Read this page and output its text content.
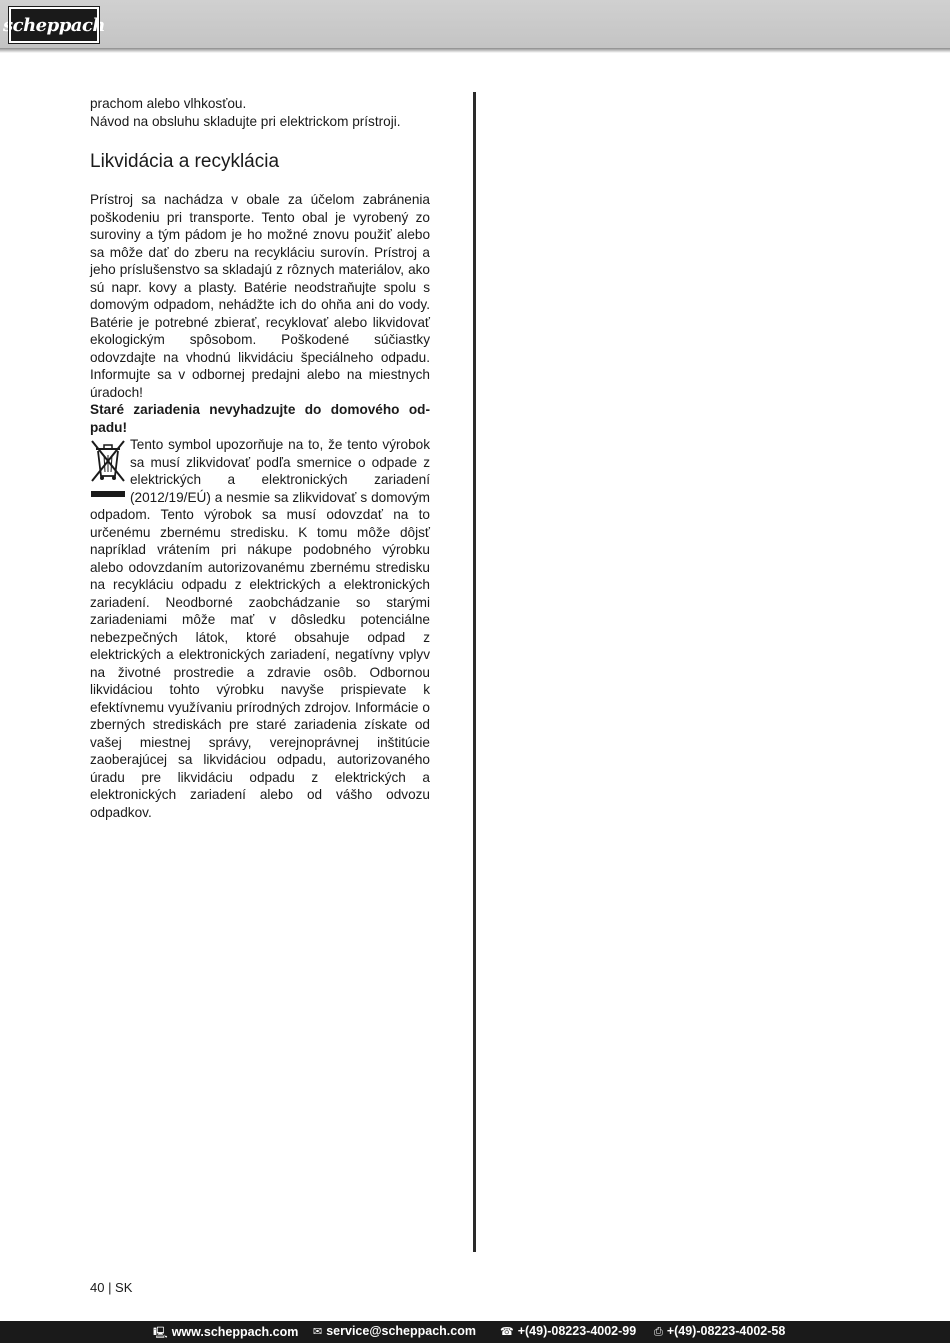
scheppach

prachom alebo vlhkosťou.

Návod na obsluhu skladujte pri elektrickom prístroji.

Likvidácia a recyklácia

Prístroj sa nachádza v obale za účelom zabránenia poškodeniu pri transporte. Tento obal je vyrobený zo suroviny a tým pádom je ho možné znovu použiť alebo sa môže dať do zberu na recykláciu surovín. Prístroj a jeho príslušenstvo sa skladajú z rôznych materiálov, ako sú napr. kovy a plasty. Batérie neodstraňujte spolu s domovým odpadom, nehádžte ich do ohňa ani do vody. Batérie je potrebné zbierať, recyklovať alebo likvidovať ekologickým spôsobom. Poškodené súčiastky odovzdajte na vhodnú likvidáciu špeciálneho odpadu. Informujte sa v odbornej predajni alebo na miestnych úradoch!

Staré zariadenia nevyhadzujte do domového odpadu!

Tento symbol upozorňuje na to, že tento výrobok sa musí zlikvidovať podľa smernice o odpade z elektrických a elektronických zariadení (2012/19/EÚ) a nesmie sa zlikvidovať s domovým odpadom. Tento výrobok sa musí odovzdať na to určenému zbernému stredisku. K tomu môže dôjsť napríklad vrátením pri nákupe podobného výrobku alebo odovzdaním autorizovanému zbernému stredisku na recykláciu odpadu z elektrických a elektronických zariadení. Neodborné zaobchádzanie so starými zariadeniami môže mať v dôsledku potenciálne nebezpečných látok, ktoré obsahuje odpad z elektrických a elektronických zariadení, negatívny vplyv na životné prostredie a zdravie osôb. Odbornou likvidáciou tohto výrobku navyše prispievate k efektívnemu využívaniu prírodných zdrojov. Informácie o zberných strediskách pre staré zariadenia získate od vašej miestnej správy, verejnoprávnej inštitúcie zaoberajúcej sa likvidáciou odpadu, autorizovaného úradu pre likvidáciu odpadu z elektrických a elektronických zariadení alebo od vášho odvozu odpadkov.

40 | SK
🖳 www.scheppach.com ✉ service@scheppach.com ☎ +(49)-08223-4002-99 ⎙ +(49)-08223-4002-58
